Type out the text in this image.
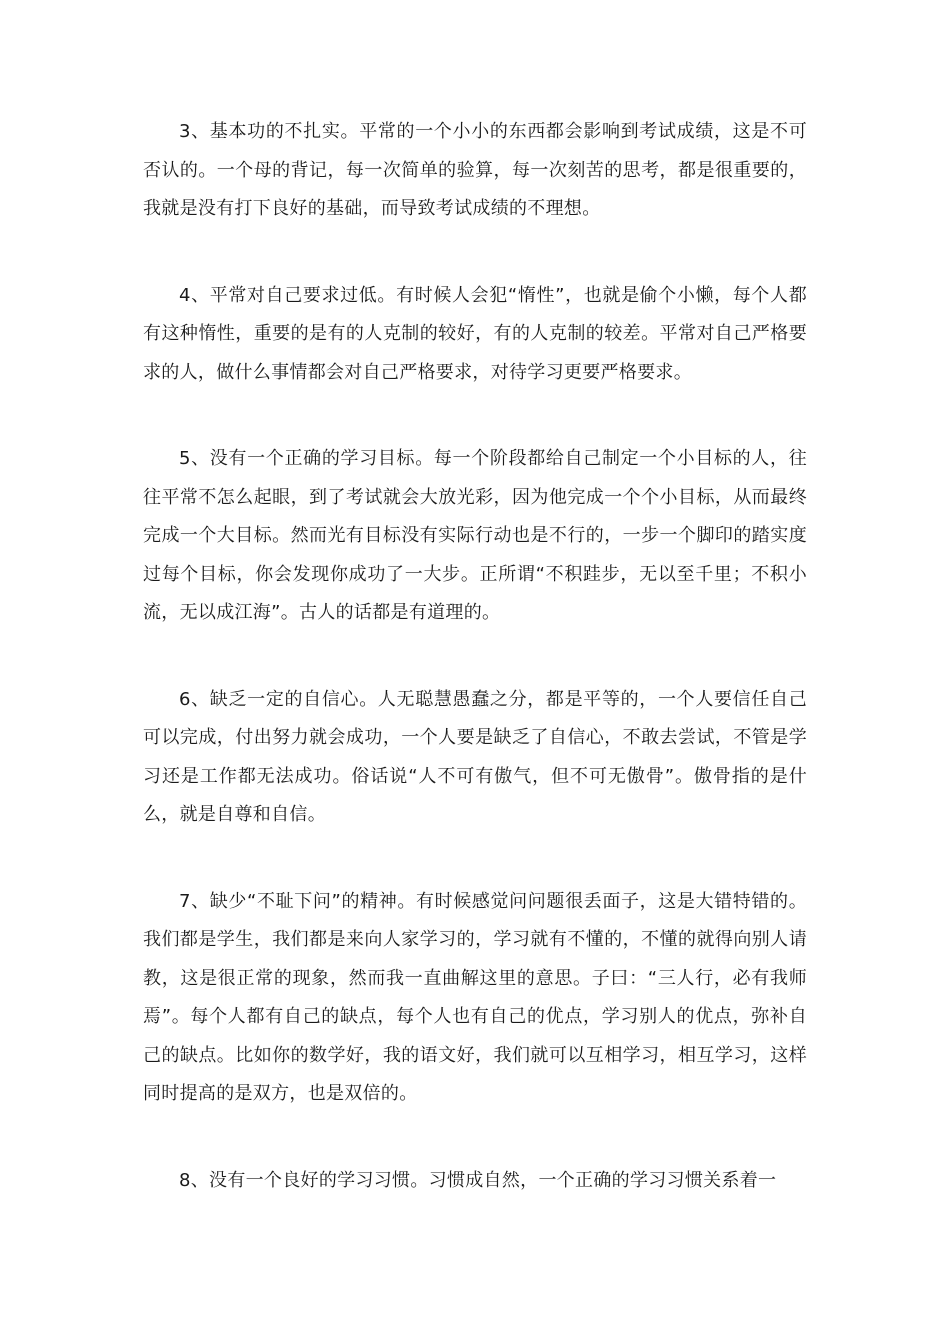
3、基本功的不扎实。平常的一个小小的东西都会影响到考试成绩，这是不可否认的。一个母的背记，每一次简单的验算，每一次刻苦的思考，都是很重要的，我就是没有打下良好的基础，而导致考试成绩的不理想。

4、平常对自己要求过低。有时候人会犯“惰性”，也就是偷个小懒，每个人都有这种惰性，重要的是有的人克制的较好，有的人克制的较差。平常对自己严格要求的人，做什么事情都会对自己严格要求，对待学习更要严格要求。

5、没有一个正确的学习目标。每一个阶段都给自己制定一个小目标的人，往往平常不怎么起眼，到了考试就会大放光彩，因为他完成一个个小目标，从而最终完成一个大目标。然而光有目标没有实际行动也是不行的，一步一个脚印的踏实度过每个目标，你会发现你成功了一大步。正所谓“不积跬步，无以至千里；不积小流，无以成江海”。古人的话都是有道理的。

6、缺乏一定的自信心。人无聪慧愚蠢之分，都是平等的，一个人要信任自己可以完成，付出努力就会成功，一个人要是缺乏了自信心，不敢去尝试，不管是学习还是工作都无法成功。俗话说“人不可有傲气，但不可无傲骨”。傲骨指的是什么，就是自尊和自信。

7、缺少“不耻下问”的精神。有时候感觉问问题很丢面子，这是大错特错的。我们都是学生，我们都是来向人家学习的，学习就有不懂的，不懂的就得向别人请教，这是很正常的现象，然而我一直曲解这里的意思。子曰：“三人行，必有我师焉”。每个人都有自己的缺点，每个人也有自己的优点，学习别人的优点，弥补自己的缺点。比如你的数学好，我的语文好，我们就可以互相学习，相互学习，这样同时提高的是双方，也是双倍的。

8、没有一个良好的学习习惯。习惯成自然，一个正确的学习习惯关系着一
